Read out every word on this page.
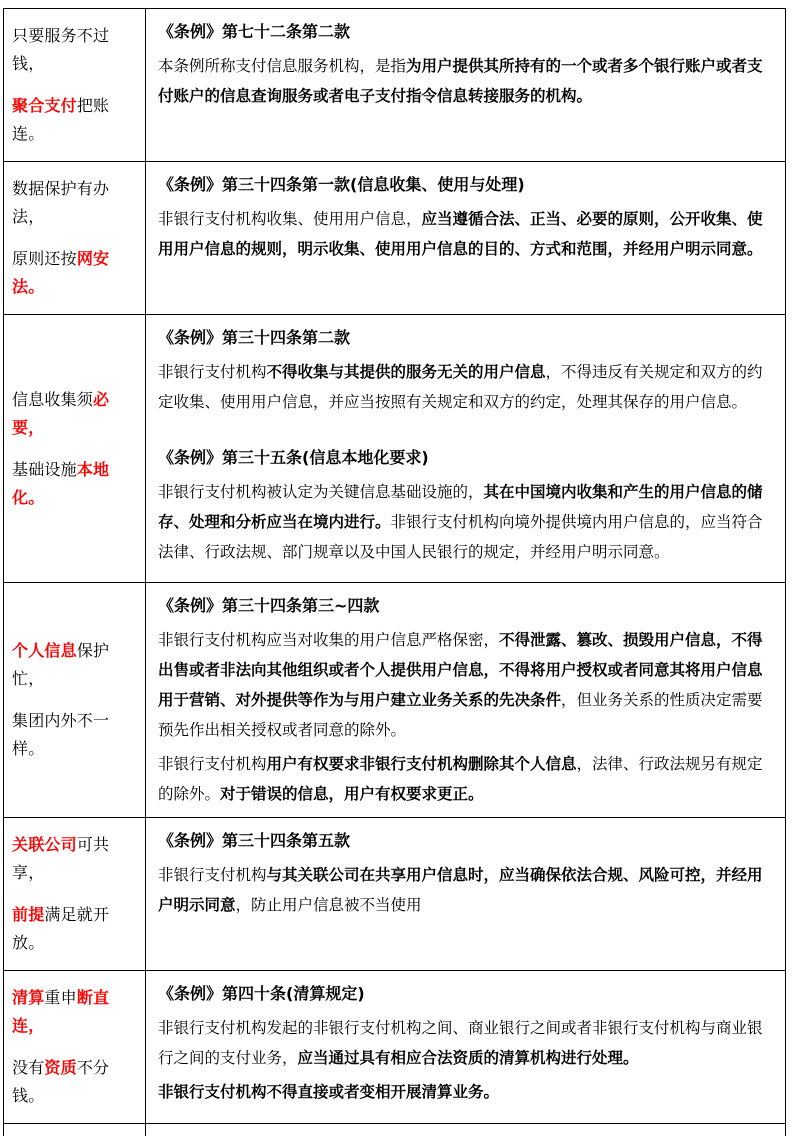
只要服务不过钱，
聚合支付把账连。
《条例》第七十二条第二款
本条例所称支付信息服务机构，是指为用户提供其所持有的一个或者多个银行账户或者支付账户的信息查询服务或者电子支付指令信息转接服务的机构。
数据保护有办法，
原则还按网安法。
《条例》第三十四条第一款(信息收集、使用与处理)
非银行支付机构收集、使用用户信息，应当遵循合法、正当、必要的原则，公开收集、使用用户信息的规则，明示收集、使用用户信息的目的、方式和范围，并经用户明示同意。
信息收集须必要，
基础设施本地化。
《条例》第三十四条第二款
非银行支付机构不得收集与其提供的服务无关的用户信息，不得违反有关规定和双方的约定收集、使用用户信息，并应当按照有关规定和双方的约定，处理其保存的用户信息。
《条例》第三十五条(信息本地化要求)
非银行支付机构被认定为关键信息基础设施的，其在中国境内收集和产生的用户信息的储存、处理和分析应当在境内进行。非银行支付机构向境外提供境内用户信息的，应当符合法律、行政法规、部门规章以及中国人民银行的规定，并经用户明示同意。
个人信息保护忙，
集团内外不一样。
《条例》第三十四条第三~四款
非银行支付机构应当对收集的用户信息严格保密，不得泄露、篡改、损毁用户信息，不得出售或者非法向其他组织或者个人提供用户信息，不得将用户授权或者同意其将用户信息用于营销、对外提供等作为与用户建立业务关系的先决条件，但业务关系的性质决定需要预先作出相关授权或者同意的除外。
非银行支付机构用户有权要求非银行支付机构删除其个人信息，法律、行政法规另有规定的除外。对于错误的信息，用户有权要求更正。
关联公司可共享，
前提满足就开放。
《条例》第三十四条第五款
非银行支付机构与其关联公司在共享用户信息时，应当确保依法合规、风险可控，并经用户明示同意，防止用户信息被不当使用
清算重申断直连，
没有资质不分钱。
《条例》第四十条(清算规定)
非银行支付机构发起的非银行支付机构之间、商业银行之间或者非银行支付机构与商业银行之间的支付业务，应当通过具有相应合法资质的清算机构进行处理。
非银行支付机构不得直接或者变相开展清算业务。
